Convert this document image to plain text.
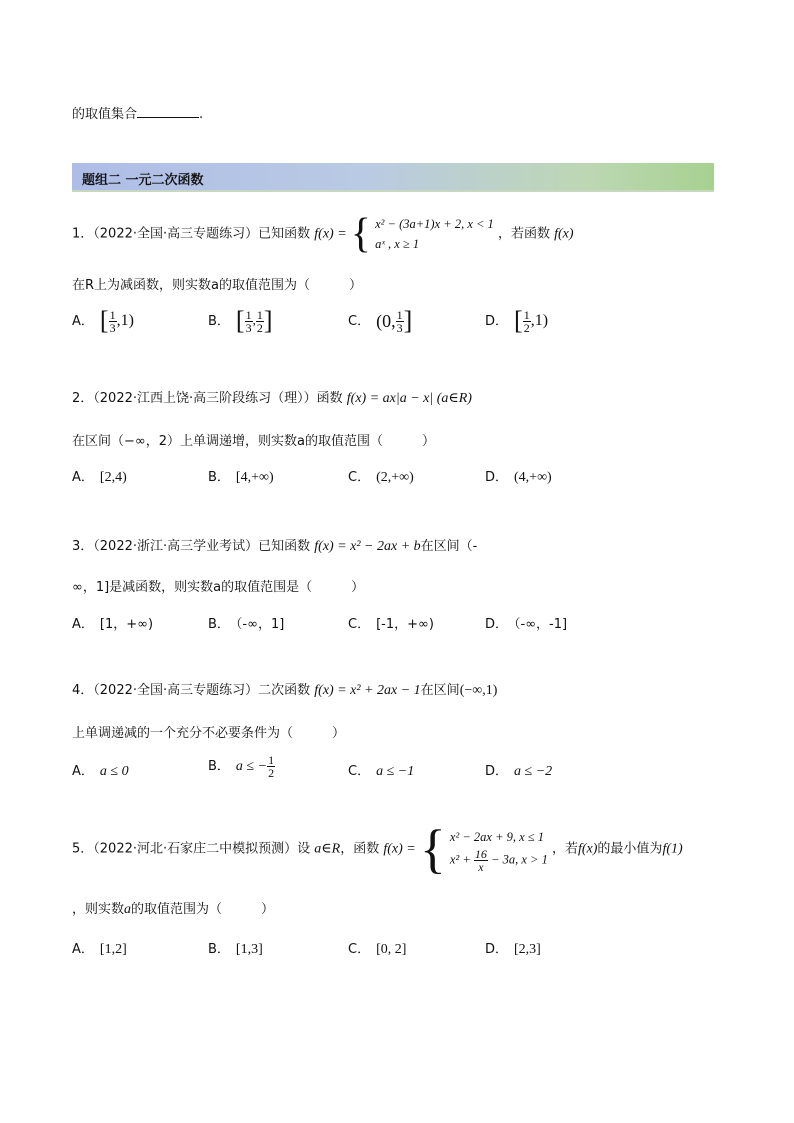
的取值集合	.
题组二 一元二次函数
1．（2022·全国·高三专题练习）已知函数 f(x) = { x² − (3a+1)x + 2, x < 1
aˣ , x ≥ 1
，若函数 f(x)
在R上为减函数，则实数a的取值范围为（　　　）
A． [ $\frac{1}{3} ,1$)	B． [ $\frac{1}{3}$ , $\frac{1}{2}$ ]	C． (0, $\frac{1}{3}$ ]	D． [ $\frac{1}{2} ,1$)
2．（2022·江西上饶·高三阶段练习（理））函数 f(x) = ax|a − x| (a∈R)
在区间（−∞，2）上单调递增，则实数a的取值范围（　　　）
A． [2,4)	B． [4,+∞)	C． (2,+∞)	D． (4,+∞)
3．（2022·浙江·高三学业考试）已知函数 f(x) = x² − 2ax + b在区间（-
∞，1]是减函数，则实数a的取值范围是（　　　）
A． [1，+∞)	B． （-∞，1]	C． [-1，+∞)	D． （-∞，-1]
4．（2022·全国·高三专题练习）二次函数 f(x) = x² + 2ax − 1在区间(−∞,1)
上单调递减的一个充分不必要条件为（　　　）
A． a ≤ 0	B． a ≤ − $\frac{1}{2}$	C． a ≤ −1	D． a ≤ −2
5．（2022·河北·石家庄二中模拟预测）设 a∈R，函数 f(x) = { x² − 2ax + 9, x ≤ 1
$x^2 + \frac{16}{x} - 3a$, x > 1
，若f(x)的最小值为f(1)
，则实数a的取值范围为（　　　）
A． [1,2]	B． [1,3]	C． [0, 2]	D． [2,3]
